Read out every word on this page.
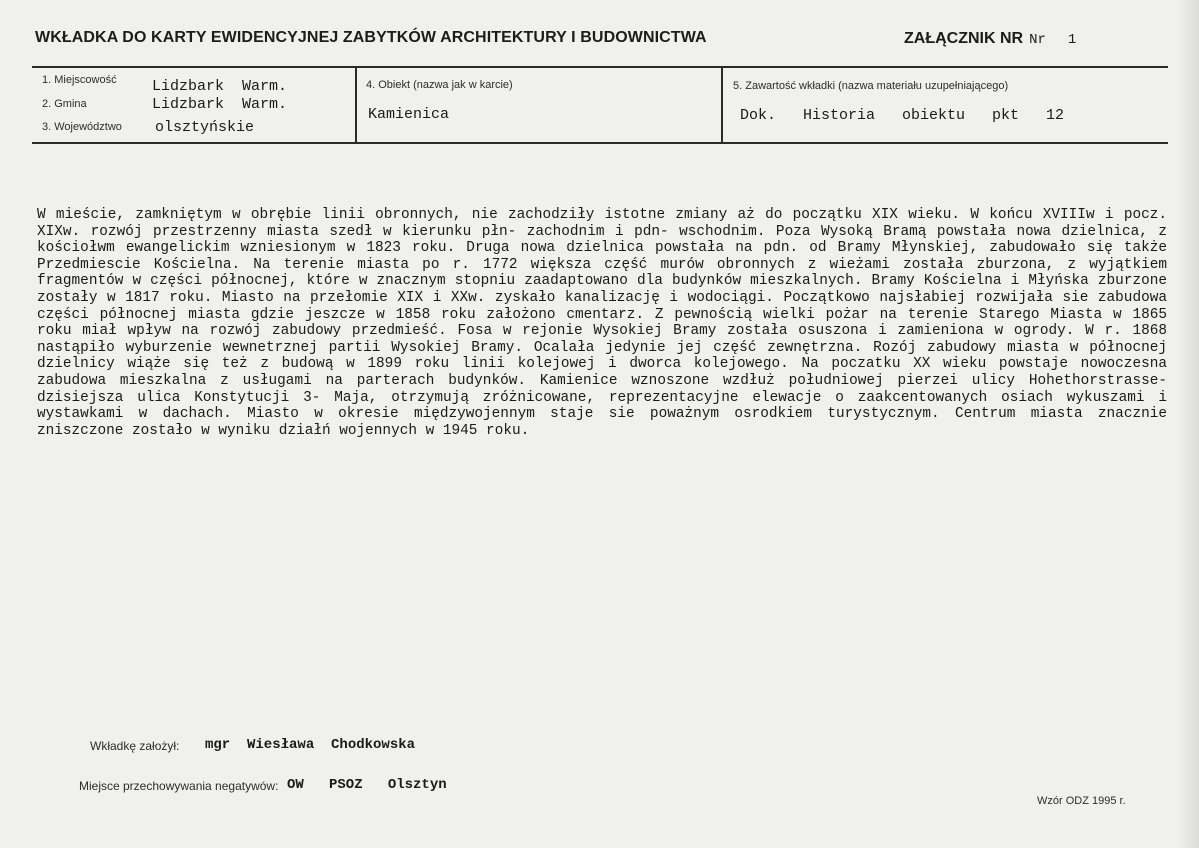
WKŁADKA DO KARTY EWIDENCYJNEJ ZABYTKÓW ARCHITEKTURY I BUDOWNICTWA	ZAŁĄCZNIK NR Nr 1
1. Miejscowość Lidzbark  Warm.
2. Gmina	Lidzbark  Warm.
3. Województwo olsztyńskie
4. Obiekt (nazwa jak w karcie)
Kamienica
5. Zawartość wkładki (nazwa materiału uzupełniającego)
Dok.   Historia   obiektu   pkt   12
W mieście, zamkniętym w obrębie linii obronnych, nie zachodziły istotne zmiany aż do początku XIX wieku. W końcu XVIIIw i pocz. XIXw. rozwój przestrzenny miasta szedł w kierunku płn- zachodnim i pdn- wschodnim. Poza Wysoką Bramą powstała nowa dzielnica, z kościołwm ewangelickim wzniesionym w 1823 roku. Druga nowa dzielnica powstała na pdn. od Bramy Młynskiej, zabudowało się także Przedmiescie Kościelna. Na terenie miasta po r. 1772 większa część murów obronnych z wieżami została zburzona, z wyjątkiem fragmentów w części północnej, które w znacznym stopniu zaadaptowano dla budynków mieszkalnych. Bramy Kościelna i Młyńska zburzone zostały w 1817 roku. Miasto na przełomie XIX i XXw. zyskało kanalizację i wodociągi. Początkowo najsłabiej rozwijała sie zabudowa części północnej miasta gdzie jeszcze w 1858 roku założono cmentarz. Z pewnością wielki pożar na terenie Starego Miasta w 1865 roku miał wpływ na rozwój zabudowy przedmieść. Fosa w rejonie Wysokiej Bramy została osuszona i zamieniona w ogrody. W r. 1868 nastąpiło wyburzenie wewnetrznej partii Wysokiej Bramy. Ocalała jedynie jej część zewnętrzna. Rozój zabudowy miasta w północnej dzielnicy wiąże się też z budową w 1899 roku linii kolejowej i dworca kolejowego. Na poczatku XX wieku powstaje nowoczesna zabudowa mieszkalna z usługami na parterach budynków. Kamienice wznoszone wzdłuż południowej pierzei ulicy Hohethorstrasse- dzisiejsza ulica Konstytucji 3- Maja, otrzymują zróżnicowane, reprezentacyjne elewacje o zaakcentowanych osiach wykuszami i wystawkami w dachach. Miasto w okresie międzywojennym staje sie poważnym osrodkiem turystycznym. Centrum miasta znacznie zniszczone zostało w wyniku działń wojennych w 1945 roku.
Wkładkę założył: mgr  Wiesława  Chodkowska
Miejsce przechowywania negatywów: OW   PSOZ   Olsztyn
Wzór ODZ 1995 r.
